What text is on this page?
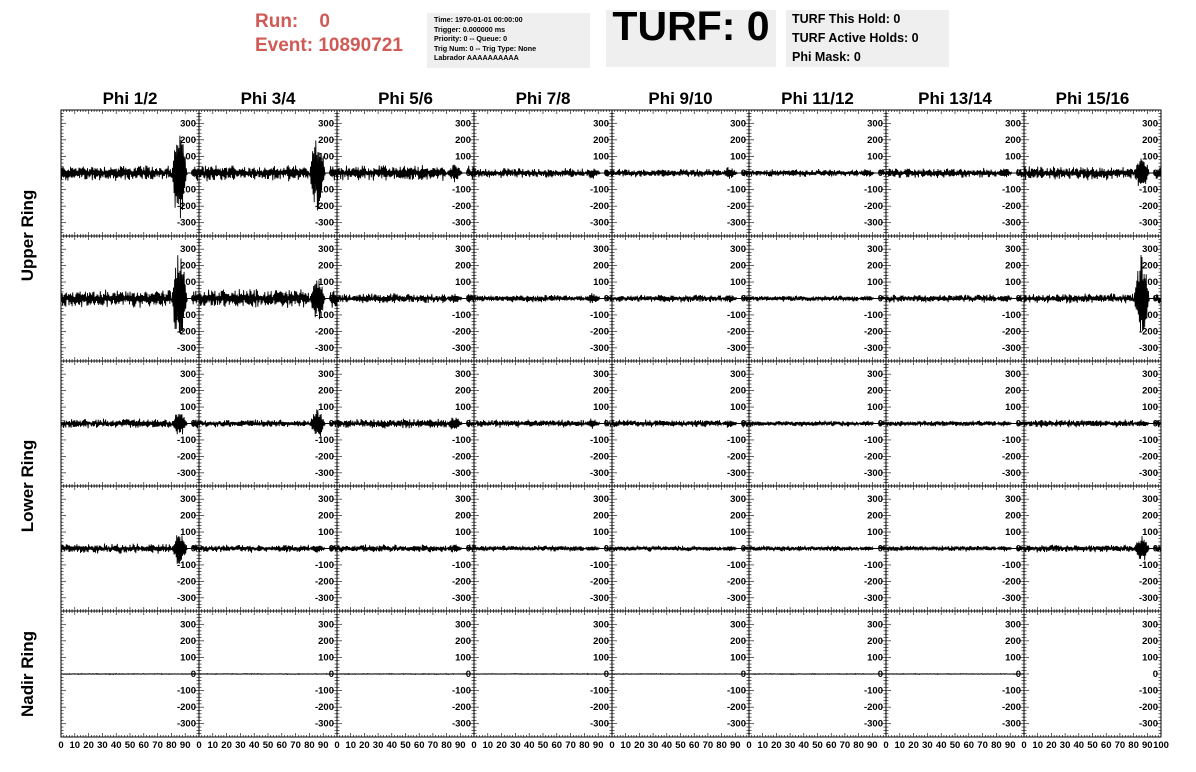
Run: 0
Event: 10890721
Time: 1970-01-01 00:00:00
Trigger: 0.000000 ms
Priority: 0 -- Queue: 0
Trig Num: 0 -- Trig Type: None
Labrador AAAAAAAAAA
TURF: 0	TURF This Hold: 0
TURF Active Holds: 0
Phi Mask: 0
Phi 1/2	Phi 3/4	Phi 5/6	Phi 7/8	Phi 9/10	Phi 11/12	Phi 13/14	Phi 15/16
Upper Ring
Lower Ring
Nadir Ring
-300
-200
-100
0
100
200
300
-300
-200
-100
0
100
200
300
-300
-200
-100
0
100
200
300
-300
-200
-100
0
100
200
300
-300
-200
-100
0
100
200
300
-300
-200
-100
0
100
200
300
-300
-200
-100
0
100
200
300
-300
-200
-100
0
100
200
300
-300
-200
-100
0
100
200
300
-300
-200
-100
0
100
200
300
-300
-200
-100
0
100
200
300
-300
-200
-100
0
100
200
300
-300
-200
-100
0
100
200
300
-300
-200
-100
0
100
200
300
-300
-200
-100
0
100
200
300
-300
-200
-100
0
100
200
300
-300
-200
-100
0
100
200
300
-300
-200
-100
0
100
200
300
-300
-200
-100
0
100
200
300
-300
-200
-100
0
100
200
300
-300
-200
-100
0
100
200
300
-300
-200
-100
0
100
200
300
-300
-200
-100
0
100
200
300
-300
-200
-100
0
100
200
300
-300
-200
-100
0
100
200
300
-300
-200
-100
0
100
200
300
-300
-200
-100
0
100
200
300
-300
-200
-100
0
100
200
300
-300
-200
-100
0
100
200
300
-300
-200
-100
0
100
200
300
-300
-200
-100
0
100
200
300
-300
-200
-100
0
100
200
300
-300
-200
-100
0
100
200
300
-300
-200
-100
0
100
200
300
-300
-200
-100
0
100
200
300
-300
-200
-100
0
100
200
300
-300
-200
-100
0
100
200
300
-300
-200
-100
0
100
200
300
-300
-200
-100
0
100
200
300
-300
-200
-100
0
100
200
300
0 10 20 30 40 50 60 70 80 90 0 10 20 30 40 50 60 70 80 90 0 10 20 30 40 50 60 70 80 90 0 10 20 30 40 50 60 70 80 90 0 10 20 30 40 50 60 70 80 90 0 10 20 30 40 50 60 70 80 90 0 10 20 30 40 50 60 70 80 90 0 10 20 30 40 50 60 70 80 90 100
